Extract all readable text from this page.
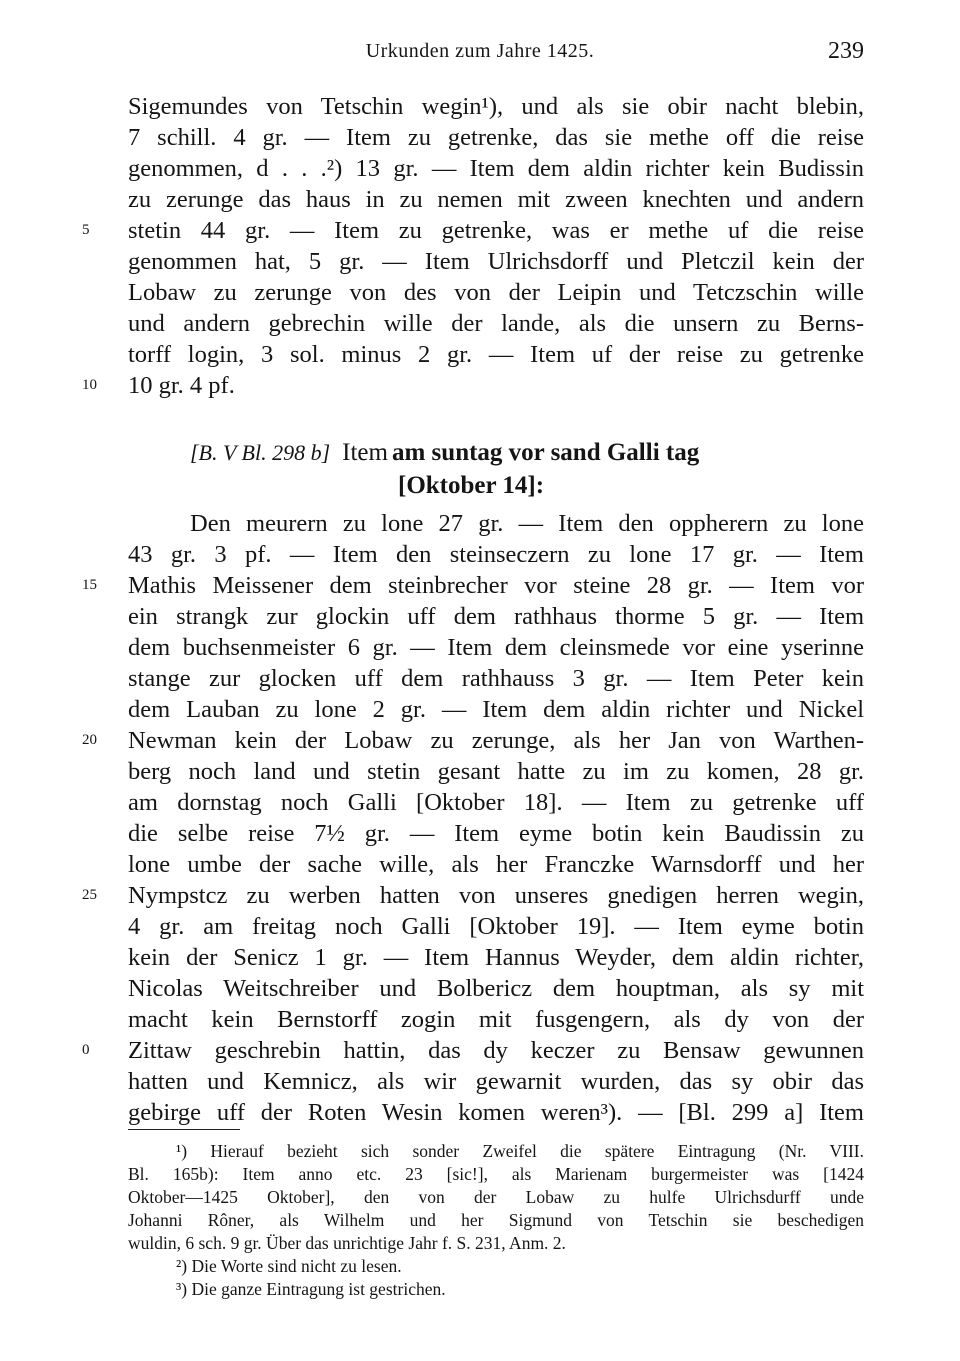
Urkunden zum Jahre 1425.	239
Sigemundes von Tetschin wegin¹), und als sie obir nacht blebin,
7 schill. 4 gr. — Item zu getrenke, das sie methe off die reise
genommen, d . . .²) 13 gr. — Item dem aldin richter kein Budissin
zu zerunge das haus in zu nemen mit zween knechten und andern
stetin 44 gr. — Item zu getrenke, was er methe uf die reise
genommen hat, 5 gr. — Item Ulrichsdorff und Pletczil kein der
Lobaw zu zerunge von des von der Leipin und Tetczschin wille
und andern gebrechin wille der lande, als die unsern zu Berns-
torff login, 3 sol. minus 2 gr. — Item uf der reise zu getrenke
10 gr. 4 pf.
[B. V Bl. 298 b] Item am suntag vor sand Galli tag
[Oktober 14]:
Den meurern zu lone 27 gr. — Item den oppherern zu lone
43 gr. 3 pf. — Item den steinseczern zu lone 17 gr. — Item
Mathis Meissener dem steinbrecher vor steine 28 gr. — Item vor
ein strangk zur glockin uff dem rathhaus thorme 5 gr. — Item
dem buchsenmeister 6 gr. — Item dem cleinsmede vor eine yserinne
stange zur glocken uff dem rathhauss 3 gr. — Item Peter kein
dem Lauban zu lone 2 gr. — Item dem aldin richter und Nickel
Newman kein der Lobaw zu zerunge, als her Jan von Warthen-
berg noch land und stetin gesant hatte zu im zu komen, 28 gr.
am dornstag noch Galli [Oktober 18]. — Item zu getrenke uff
die selbe reise 7½ gr. — Item eyme botin kein Baudissin zu
lone umbe der sache wille, als her Franczke Warnsdorff und her
Nympstcz zu werben hatten von unseres gnedigen herren wegin,
4 gr. am freitag noch Galli [Oktober 19]. — Item eyme botin
kein der Senicz 1 gr. — Item Hannus Weyder, dem aldin richter,
Nicolas Weitschreiber und Bolbericz dem houptman, als sy mit
macht kein Bernstorff zogin mit fusgengern, als dy von der
Zittaw geschrebin hattin, das dy keczer zu Bensaw gewunnen
hatten und Kemnicz, als wir gewarnit wurden, das sy obir das
gebirge uff der Roten Wesin komen weren³). — [Bl. 299 a] Item
5
10
15
20
25
0
¹) Hierauf bezieht sich sonder Zweifel die spätere Eintragung (Nr. VIII.
Bl. 165b): Item anno etc. 23 [sic!], als Marienam burgermeister was [1424
Oktober—1425 Oktober], den von der Lobaw zu hulfe Ulrichsdurff unde
Johanni Rôner, als Wilhelm und her Sigmund von Tetschin sie beschedigen
wuldin, 6 sch. 9 gr. Über das unrichtige Jahr f. S. 231, Anm. 2.
²) Die Worte sind nicht zu lesen.
³) Die ganze Eintragung ist gestrichen.
